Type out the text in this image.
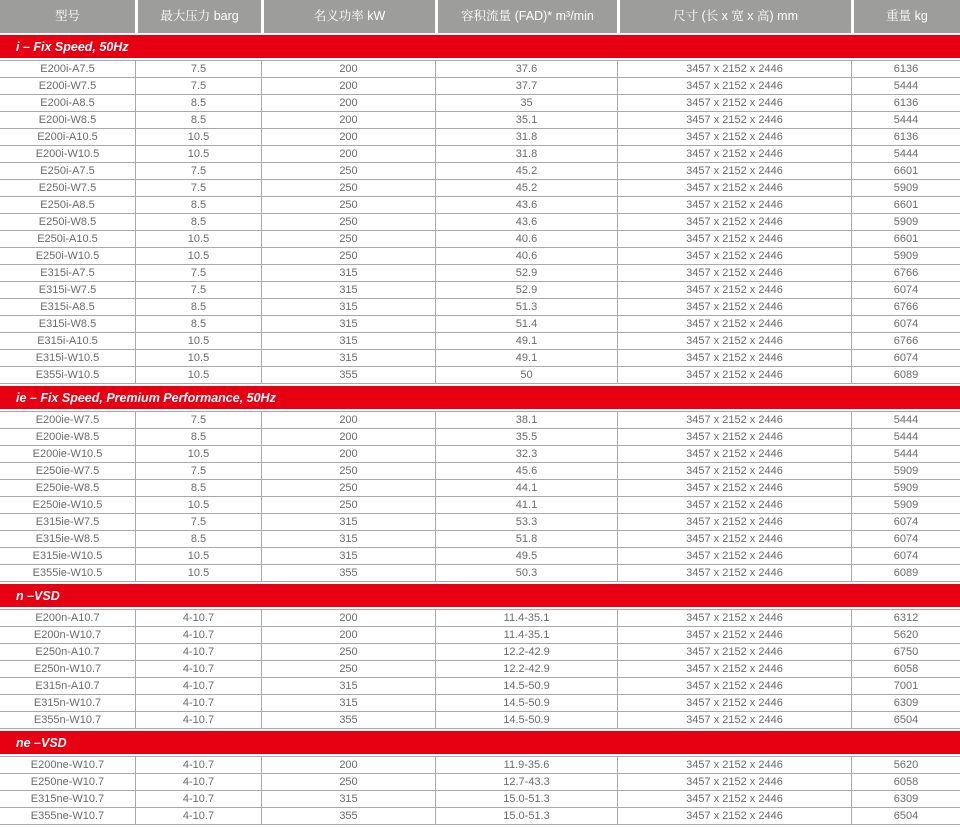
型号	最大压力 barg	名义功率 kW	容积流量 (FAD)* m³/min	尺寸 (长 x 宽 x 高) mm	重量 kg
i – Fix Speed, 50Hz
E200i-A7.5	7.5	200	37.6	3457 x 2152 x 2446	6136
E200i-W7.5	7.5	200	37.7	3457 x 2152 x 2446	5444
E200i-A8.5	8.5	200	35	3457 x 2152 x 2446	6136
E200i-W8.5	8.5	200	35.1	3457 x 2152 x 2446	5444
E200i-A10.5	10.5	200	31.8	3457 x 2152 x 2446	6136
E200i-W10.5	10.5	200	31.8	3457 x 2152 x 2446	5444
E250i-A7.5	7.5	250	45.2	3457 x 2152 x 2446	6601
E250i-W7.5	7.5	250	45.2	3457 x 2152 x 2446	5909
E250i-A8.5	8.5	250	43.6	3457 x 2152 x 2446	6601
E250i-W8.5	8.5	250	43.6	3457 x 2152 x 2446	5909
E250i-A10.5	10.5	250	40.6	3457 x 2152 x 2446	6601
E250i-W10.5	10.5	250	40.6	3457 x 2152 x 2446	5909
E315i-A7.5	7.5	315	52.9	3457 x 2152 x 2446	6766
E315i-W7.5	7.5	315	52.9	3457 x 2152 x 2446	6074
E315i-A8.5	8.5	315	51.3	3457 x 2152 x 2446	6766
E315i-W8.5	8.5	315	51.4	3457 x 2152 x 2446	6074
E315i-A10.5	10.5	315	49.1	3457 x 2152 x 2446	6766
E315i-W10.5	10.5	315	49.1	3457 x 2152 x 2446	6074
E355i-W10.5	10.5	355	50	3457 x 2152 x 2446	6089
ie – Fix Speed, Premium Performance, 50Hz
E200ie-W7.5	7.5	200	38.1	3457 x 2152 x 2446	5444
E200ie-W8.5	8.5	200	35.5	3457 x 2152 x 2446	5444
E200ie-W10.5	10.5	200	32.3	3457 x 2152 x 2446	5444
E250ie-W7.5	7.5	250	45.6	3457 x 2152 x 2446	5909
E250ie-W8.5	8.5	250	44.1	3457 x 2152 x 2446	5909
E250ie-W10.5	10.5	250	41.1	3457 x 2152 x 2446	5909
E315ie-W7.5	7.5	315	53.3	3457 x 2152 x 2446	6074
E315ie-W8.5	8.5	315	51.8	3457 x 2152 x 2446	6074
E315ie-W10.5	10.5	315	49.5	3457 x 2152 x 2446	6074
E355ie-W10.5	10.5	355	50.3	3457 x 2152 x 2446	6089
n –VSD
E200n-A10.7	4-10.7	200	11.4-35.1	3457 x 2152 x 2446	6312
E200n-W10.7	4-10.7	200	11.4-35.1	3457 x 2152 x 2446	5620
E250n-A10.7	4-10.7	250	12.2-42.9	3457 x 2152 x 2446	6750
E250n-W10.7	4-10.7	250	12.2-42.9	3457 x 2152 x 2446	6058
E315n-A10.7	4-10.7	315	14.5-50.9	3457 x 2152 x 2446	7001
E315n-W10.7	4-10.7	315	14.5-50.9	3457 x 2152 x 2446	6309
E355n-W10.7	4-10.7	355	14.5-50.9	3457 x 2152 x 2446	6504
ne –VSD
E200ne-W10.7	4-10.7	200	11.9-35.6	3457 x 2152 x 2446	5620
E250ne-W10.7	4-10.7	250	12.7-43.3	3457 x 2152 x 2446	6058
E315ne-W10.7	4-10.7	315	15.0-51.3	3457 x 2152 x 2446	6309
E355ne-W10.7	4-10.7	355	15.0-51.3	3457 x 2152 x 2446	6504
